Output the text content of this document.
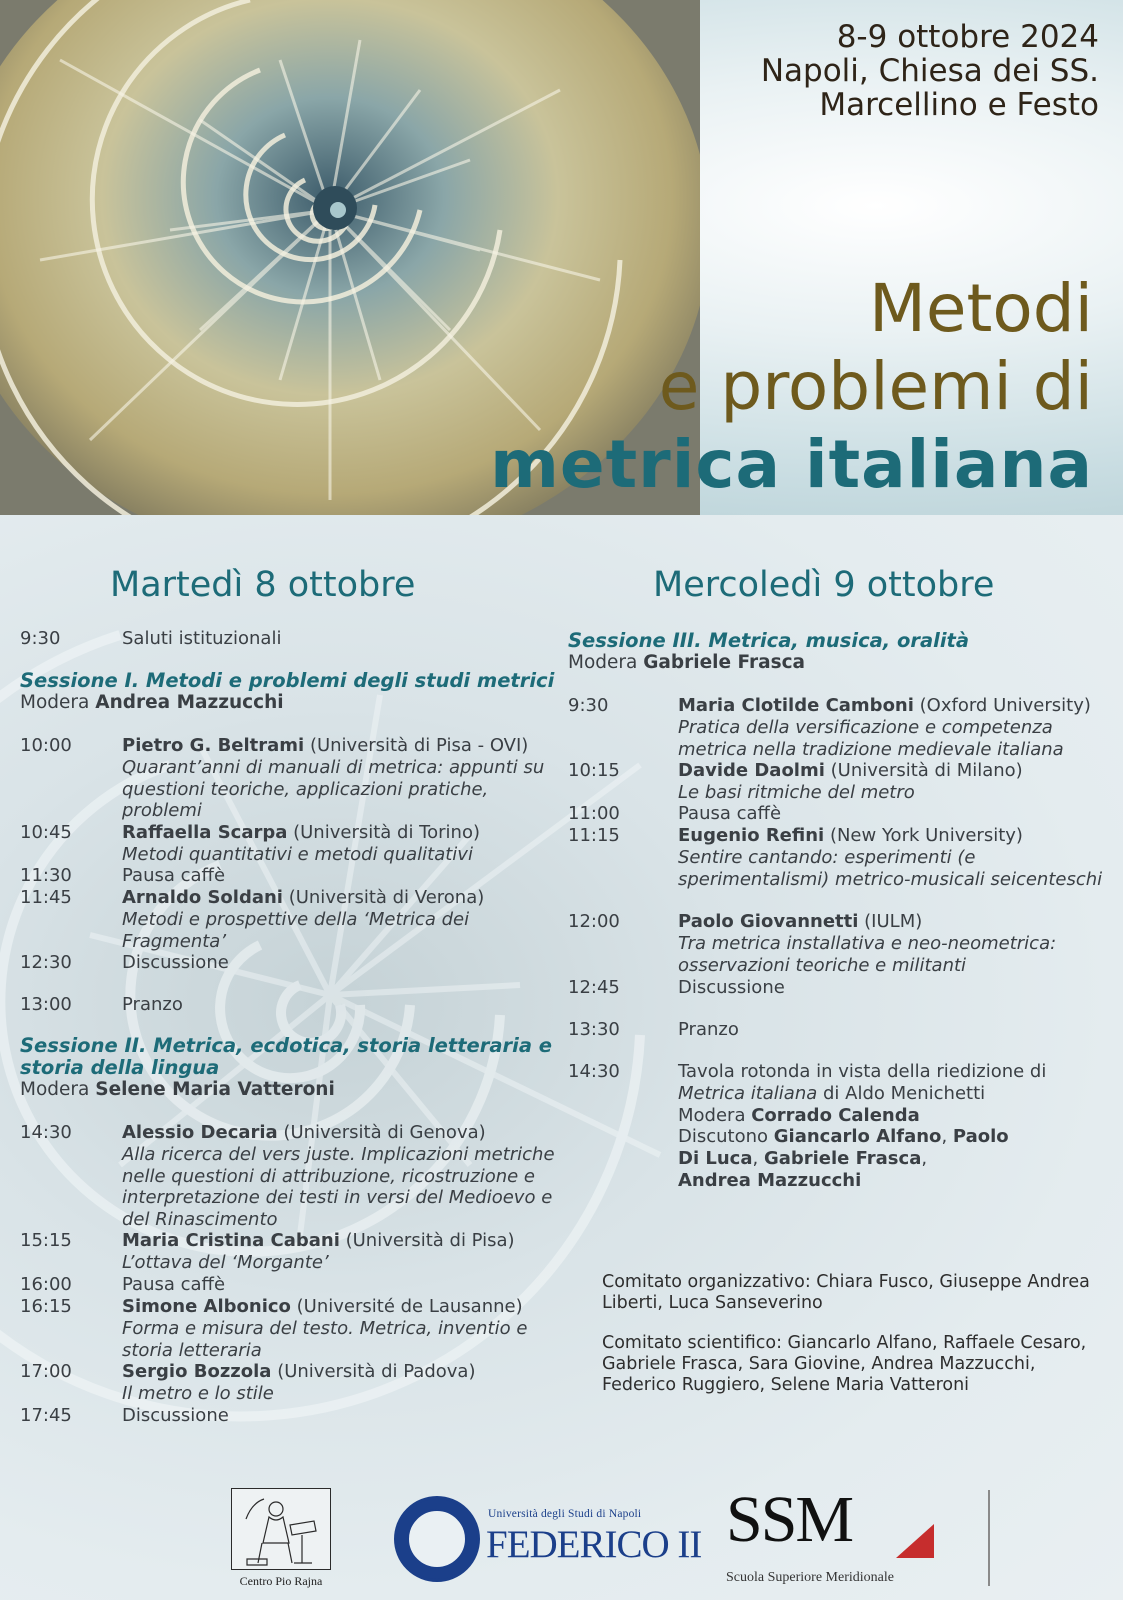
8-9 ottobre 2024
Napoli, Chiesa dei SS.
Marcellino e Festo
Metodi
e problemi di
metrica italiana
Martedì 8 ottobre
9:30	Saluti istituzionali
Sessione I. Metodi e problemi degli studi metrici
Modera Andrea Mazzucchi
10:00	Pietro G. Beltrami (Università di Pisa - OVI)
Quarant’anni di manuali di metrica: appunti su questioni teoriche, applicazioni pratiche, problemi
10:45	Raffaella Scarpa (Università di Torino)
Metodi quantitativi e metodi qualitativi
11:30	Pausa caffè
11:45	Arnaldo Soldani (Università di Verona)
Metodi e prospettive della ‘Metrica dei Fragmenta’
12:30	Discussione
13:00	Pranzo
Sessione II. Metrica, ecdotica, storia letteraria e
storia della lingua
Modera Selene Maria Vatteroni
14:30	Alessio Decaria (Università di Genova)
Alla ricerca del vers juste. Implicazioni metriche nelle questioni di attribuzione, ricostruzione e interpretazione dei testi in versi del Medioevo e del Rinascimento
15:15	Maria Cristina Cabani (Università di Pisa)
L’ottava del ‘Morgante’
16:00	Pausa caffè
16:15	Simone Albonico (Université de Lausanne)
Forma e misura del testo. Metrica, inventio e storia letteraria
17:00	Sergio Bozzola (Università di Padova)
Il metro e lo stile
17:45	Discussione
Mercoledì 9 ottobre
Sessione III. Metrica, musica, oralità
Modera Gabriele Frasca
9:30	Maria Clotilde Camboni (Oxford University)
Pratica della versificazione e competenza metrica nella tradizione medievale italiana
10:15	Davide Daolmi (Università di Milano)
Le basi ritmiche del metro
11:00	Pausa caffè
11:15	Eugenio Refini (New York University)
Sentire cantando: esperimenti (e sperimentalismi) metrico-musicali seicenteschi
12:00	Paolo Giovannetti (IULM)
Tra metrica installativa e neo-neometrica: osservazioni teoriche e militanti
12:45	Discussione
13:30	Pranzo
14:30	Tavola rotonda in vista della riedizione di
Metrica italiana di Aldo Menichetti
Modera Corrado Calenda
Discutono Giancarlo Alfano, Paolo
Di Luca, Gabriele Frasca,
Andrea Mazzucchi
Comitato organizzativo: Chiara Fusco, Giuseppe Andrea Liberti, Luca Sanseverino
Comitato scientifico: Giancarlo Alfano, Raffaele Cesaro, Gabriele Frasca, Sara Giovine, Andrea Mazzucchi, Federico Ruggiero, Selene Maria Vatteroni
Centro Pio Rajna
Università degli Studi di Napoli
FEDERICO II SSM
Scuola Superiore Meridionale
